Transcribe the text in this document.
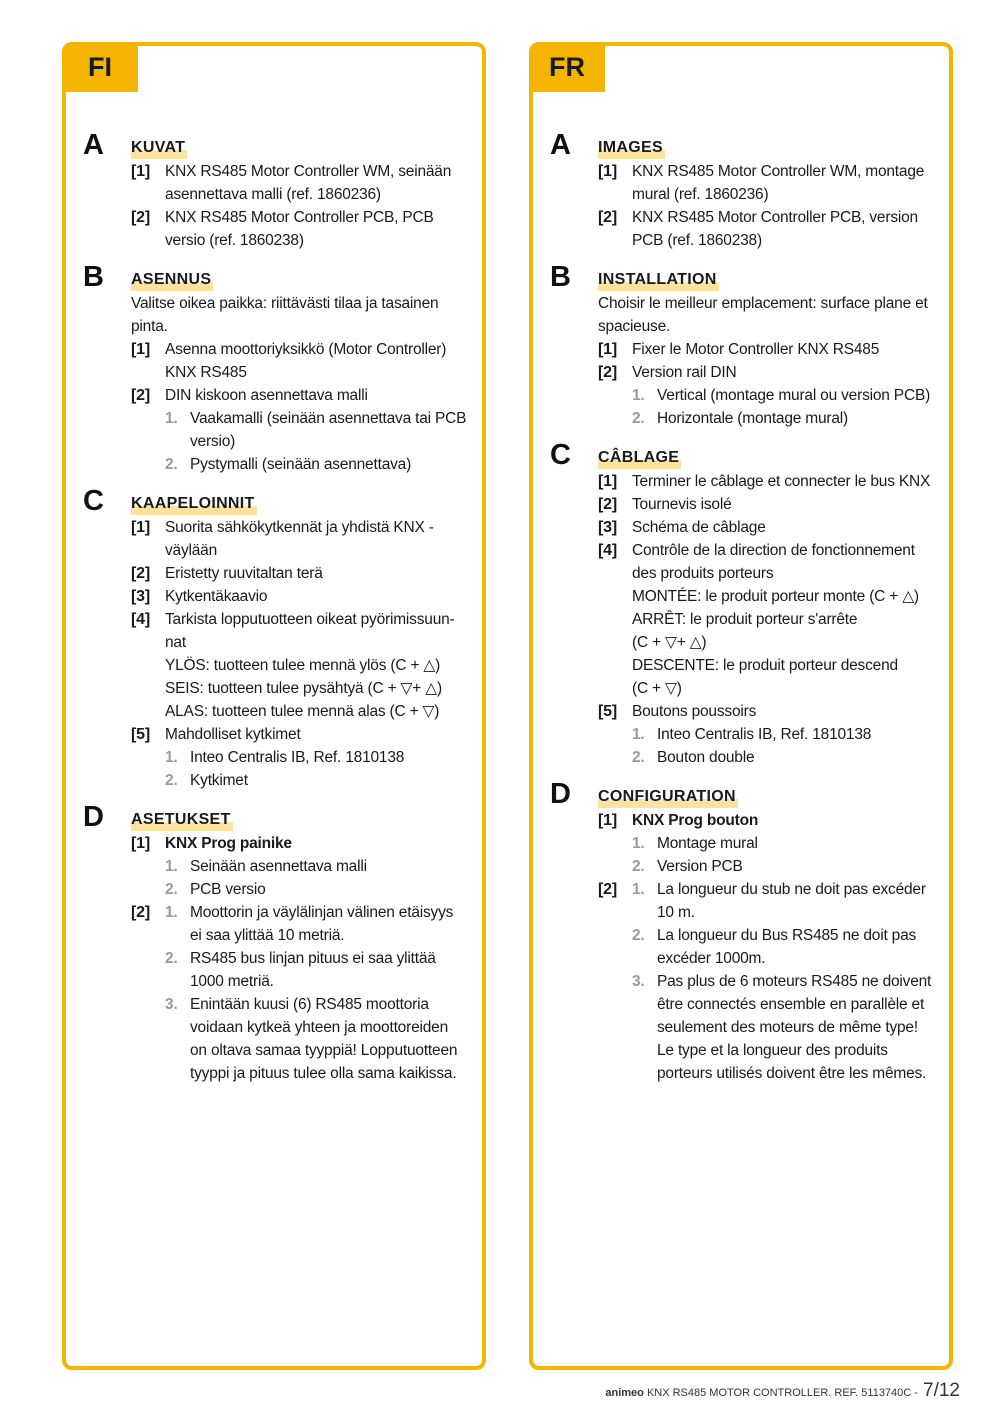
FI
A KUVAT
[1] KNX RS485 Motor Controller WM, seinään asennettava malli (ref. 1860236)
[2] KNX RS485 Motor Controller PCB, PCB versio (ref. 1860238)
B ASENNUS

Valitse oikea paikka: riittävästi tilaa ja tasainen pinta.

[1] Asenna moottoriyksikkö (Motor Controller) KNX RS485
[2] DIN kiskoon asennettava malli
1. Vaakamalli (seinään asennettava tai PCB versio)
2. Pystymalli (seinään asennettava)
C KAAPELOINNIT
[1] Suorita sähkökytkennät ja yhdistä KNX -väylään
[2] Eristetty ruuvitaltan terä
[3] Kytkentäkaavio
[4] Tarkista lopputuotteen oikeat pyörimissuun-nat
YLÖS: tuotteen tulee mennä ylös (C + △)
SEIS: tuotteen tulee pysähtyä (C + ▽+ △)
ALAS: tuotteen tulee mennä alas (C + ▽)
[5] Mahdolliset kytkimet
1. Inteo Centralis IB, Ref. 1810138
2. Kytkimet
D ASETUKSET
[1] KNX Prog painike
1. Seinään asennettava malli
2. PCB versio
[2] 1. Moottorin ja väylälinjan välinen etäisyys ei saa ylittää 10 metriä.
2. RS485 bus linjan pituus ei saa ylittää 1000 metriä.
3. Enintään kuusi (6) RS485 moottoria voidaan kytkeä yhteen ja moottoreiden on oltava samaa tyyppiä! Lopputuotteen tyyppi ja pituus tulee olla sama kaikissa.
FR
A IMAGES
[1] KNX RS485 Motor Controller WM, montage mural (ref. 1860236)
[2] KNX RS485 Motor Controller PCB, version PCB (ref. 1860238)
B INSTALLATION

Choisir le meilleur emplacement: surface plane et spacieuse.

[1] Fixer le Motor Controller KNX RS485
[2] Version rail DIN
1. Vertical (montage mural ou version PCB)
2. Horizontale (montage mural)
C CÂBLAGE
[1] Terminer le câblage et connecter le bus KNX
[2] Tournevis isolé
[3] Schéma de câblage
[4] Contrôle de la direction de fonctionnement des produits porteurs
MONTÉE: le produit porteur monte (C + △)
ARRÊT: le produit porteur s'arrête
(C + ▽+ △)
DESCENTE: le produit porteur descend
(C + ▽)
[5] Boutons poussoirs
1. Inteo Centralis IB, Ref. 1810138
2. Bouton double
D CONFIGURATION
[1] KNX Prog bouton
1. Montage mural
2. Version PCB
[2] 1. La longueur du stub ne doit pas excéder 10 m.
2. La longueur du Bus RS485 ne doit pas excéder 1000m.
3. Pas plus de 6 moteurs RS485 ne doivent être connectés ensemble en parallèle et seulement des moteurs de même type! Le type et la longueur des produits porteurs utilisés doivent être les mêmes.
animeo KNX RS485 MOTOR CONTROLLER. REF. 5113740C - 7/12
